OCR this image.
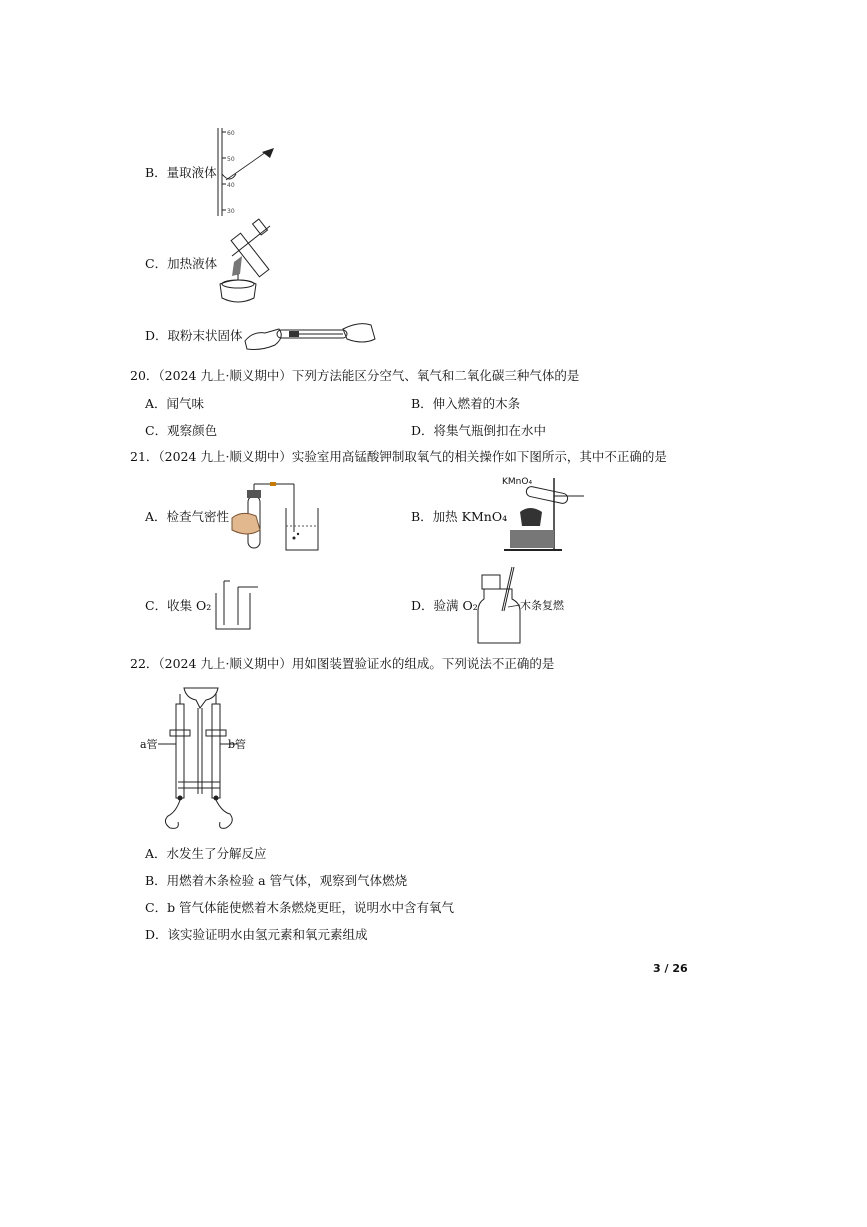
B．量取液体
60
50
40
30
C．加热液体
D．取粉末状固体
20．（2024 九上·顺义期中）下列方法能区分空气、氧气和二氧化碳三种气体的是
A．闻气味	B．伸入燃着的木条
C．观察颜色	D．将集气瓶倒扣在水中
21．（2024 九上·顺义期中）实验室用高锰酸钾制取氧气的相关操作如下图所示，其中不正确的是
A．检查气密性	B．加热 KMnO₄
KMnO₄
C．收集 O₂	D．验满 O₂	木条复燃
22．（2024 九上·顺义期中）用如图装置验证水的组成。下列说法不正确的是
a管	b管
A．水发生了分解反应
B．用燃着木条检验 a 管气体，观察到气体燃烧
C．b 管气体能使燃着木条燃烧更旺，说明水中含有氧气
D．该实验证明水由氢元素和氧元素组成
3 / 26
